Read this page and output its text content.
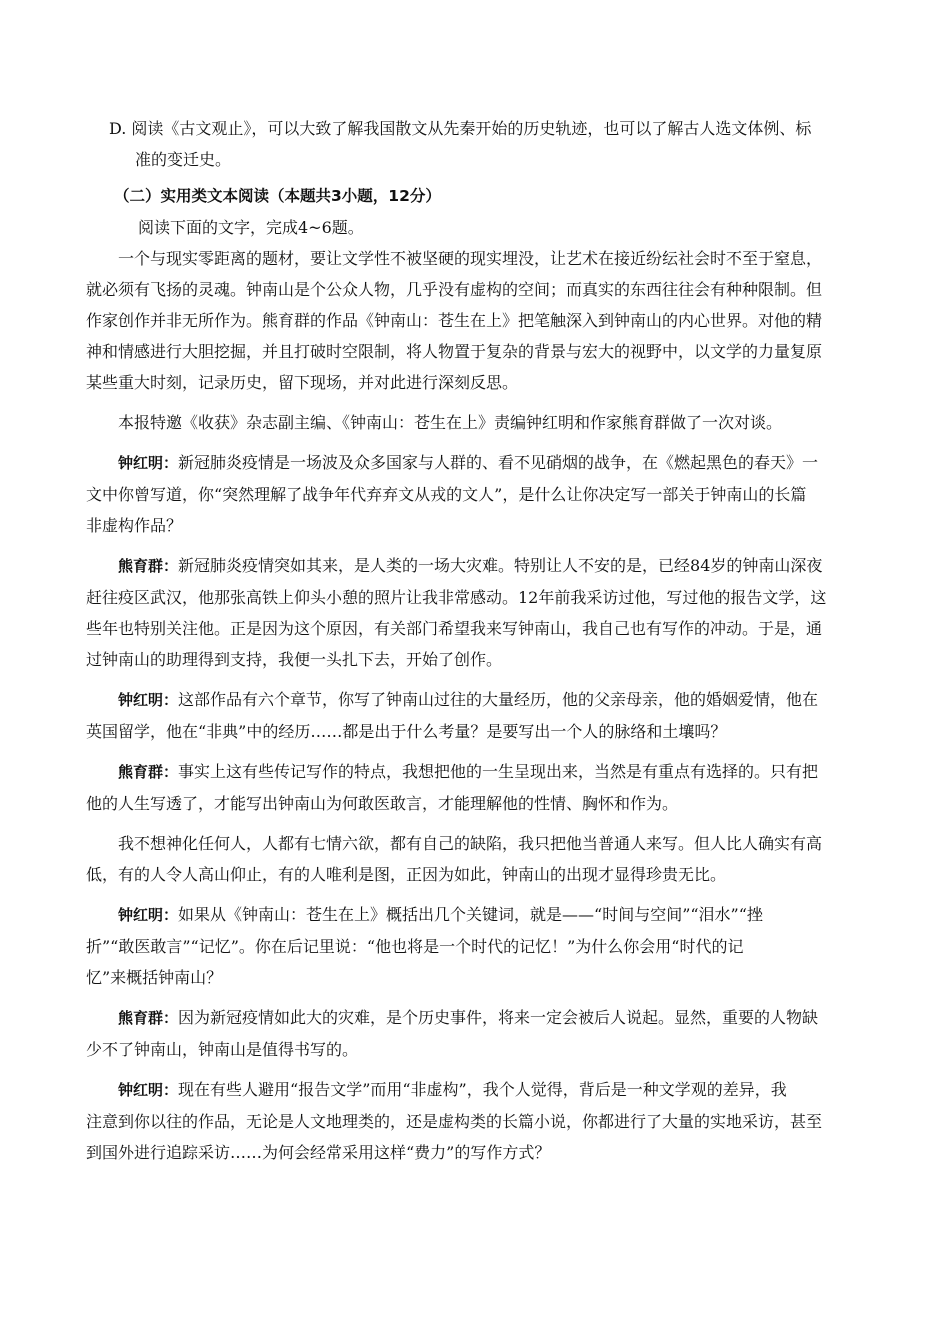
D. 阅读《古文观止》，可以大致了解我国散文从先秦开始的历史轨迹，也可以了解古人选文体例、标
准的变迁史。
（二）实用类文本阅读（本题共3小题，12分）
阅读下面的文字，完成4~6题。
一个与现实零距离的题材，要让文学性不被坚硬的现实埋没，让艺术在接近纷纭社会时不至于窒息，
就必须有飞扬的灵魂。钟南山是个公众人物，几乎没有虚构的空间；而真实的东西往往会有种种限制。但
作家创作并非无所作为。熊育群的作品《钟南山：苍生在上》把笔触深入到钟南山的内心世界。对他的精
神和情感进行大胆挖掘，并且打破时空限制，将人物置于复杂的背景与宏大的视野中，以文学的力量复原
某些重大时刻，记录历史，留下现场，并对此进行深刻反思。
本报特邀《收获》杂志副主编、《钟南山：苍生在上》责编钟红明和作家熊育群做了一次对谈。
钟红明：新冠肺炎疫情是一场波及众多国家与人群的、看不见硝烟的战争，在《燃起黑色的春天》一
文中你曾写道，你“突然理解了战争年代弃弃文从戎的文人”，是什么让你决定写一部关于钟南山的长篇
非虚构作品？
熊育群：新冠肺炎疫情突如其来，是人类的一场大灾难。特别让人不安的是，已经84岁的钟南山深夜
赶往疫区武汉，他那张高铁上仰头小憩的照片让我非常感动。12年前我采访过他，写过他的报告文学，这
些年也特别关注他。正是因为这个原因，有关部门希望我来写钟南山，我自己也有写作的冲动。于是，通
过钟南山的助理得到支持，我便一头扎下去，开始了创作。
钟红明：这部作品有六个章节，你写了钟南山过往的大量经历，他的父亲母亲，他的婚姻爱情，他在
英国留学，他在“非典”中的经历……都是出于什么考量？是要写出一个人的脉络和土壤吗？
熊育群：事实上这有些传记写作的特点，我想把他的一生呈现出来，当然是有重点有选择的。只有把
他的人生写透了，才能写出钟南山为何敢医敢言，才能理解他的性情、胸怀和作为。
我不想神化任何人，人都有七情六欲，都有自己的缺陷，我只把他当普通人来写。但人比人确实有高
低，有的人令人高山仰止，有的人唯利是图，正因为如此，钟南山的出现才显得珍贵无比。
钟红明：如果从《钟南山：苍生在上》概括出几个关键词，就是——“时间与空间”“泪水”“挫
折”“敢医敢言”“记忆”。你在后记里说：“他也将是一个时代的记忆！”为什么你会用“时代的记
忆”来概括钟南山？
熊育群：因为新冠疫情如此大的灾难，是个历史事件，将来一定会被后人说起。显然，重要的人物缺
少不了钟南山，钟南山是值得书写的。
钟红明：现在有些人避用“报告文学”而用“非虚构”，我个人觉得，背后是一种文学观的差异，我
注意到你以往的作品，无论是人文地理类的，还是虚构类的长篇小说，你都进行了大量的实地采访，甚至
到国外进行追踪采访……为何会经常采用这样“费力”的写作方式？
